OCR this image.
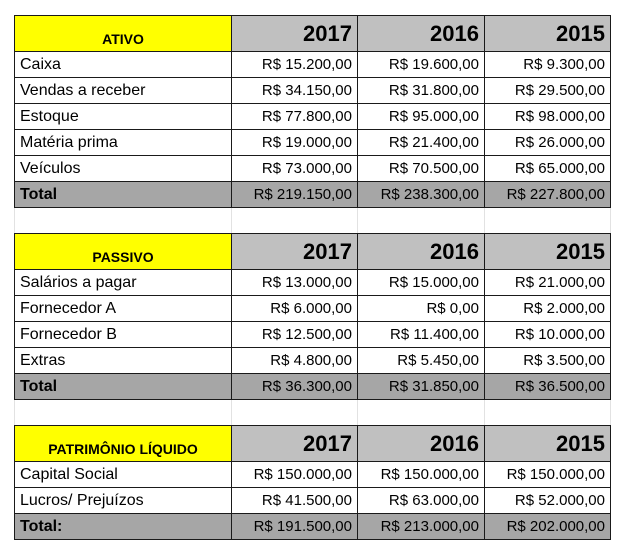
ATIVO	2017	2016	2015
Caixa	R$ 15.200,00	R$ 19.600,00	R$ 9.300,00
Vendas a receber	R$ 34.150,00	R$ 31.800,00	R$ 29.500,00
Estoque	R$ 77.800,00	R$ 95.000,00	R$ 98.000,00
Matéria prima	R$ 19.000,00	R$ 21.400,00	R$ 26.000,00
Veículos	R$ 73.000,00	R$ 70.500,00	R$ 65.000,00
Total	R$ 219.150,00	R$ 238.300,00	R$ 227.800,00

PASSIVO	2017	2016	2015
Salários a pagar	R$ 13.000,00	R$ 15.000,00	R$ 21.000,00
Fornecedor A	R$ 6.000,00	R$ 0,00	R$ 2.000,00
Fornecedor B	R$ 12.500,00	R$ 11.400,00	R$ 10.000,00
Extras	R$ 4.800,00	R$ 5.450,00	R$ 3.500,00
Total	R$ 36.300,00	R$ 31.850,00	R$ 36.500,00

PATRIMÔNIO LÍQUIDO	2017	2016	2015
Capital Social	R$ 150.000,00	R$ 150.000,00	R$ 150.000,00
Lucros/ Prejuízos	R$ 41.500,00	R$ 63.000,00	R$ 52.000,00
Total:	R$ 191.500,00	R$ 213.000,00	R$ 202.000,00
